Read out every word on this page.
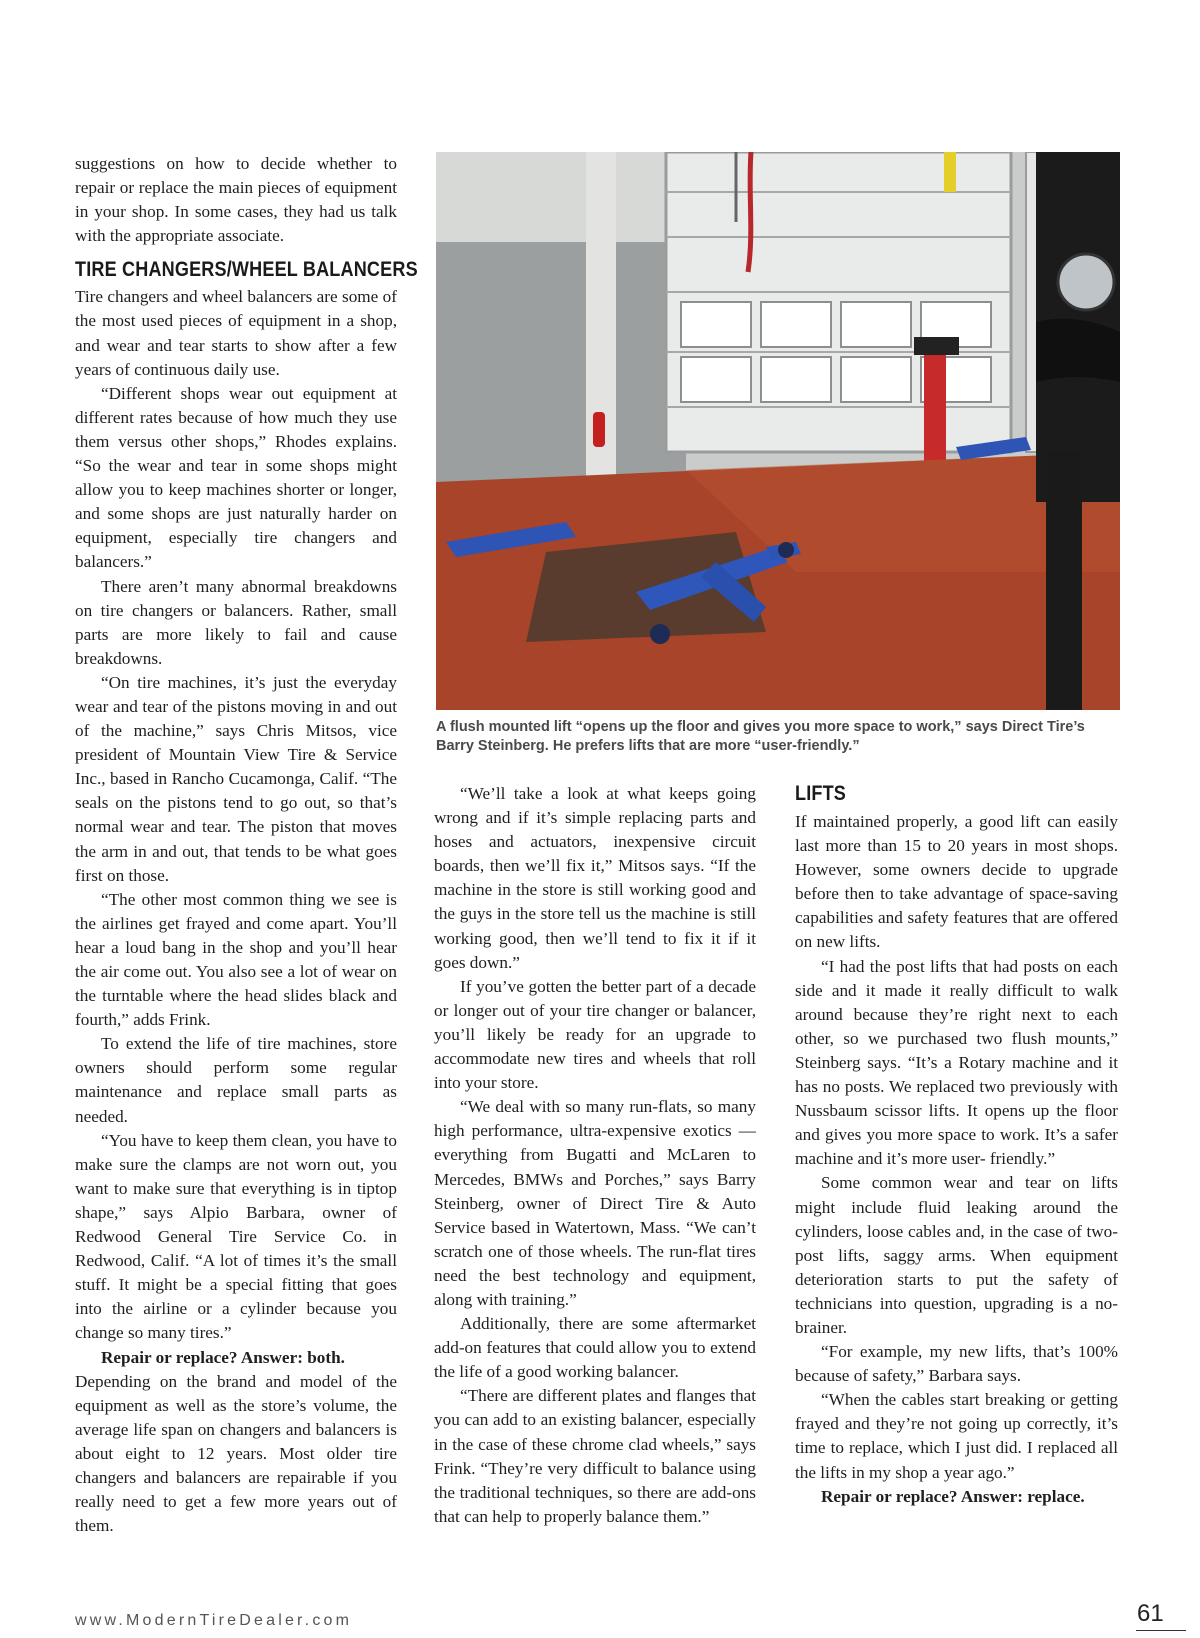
suggestions on how to decide whether to repair or replace the main pieces of equipment in your shop. In some cases, they had us talk with the appropriate associate.

TIRE CHANGERS/WHEEL BALANCERS

Tire changers and wheel balancers are some of the most used pieces of equipment in a shop, and wear and tear starts to show after a few years of continuous daily use.

“Different shops wear out equipment at different rates because of how much they use them versus other shops,” Rhodes explains. “So the wear and tear in some shops might allow you to keep machines shorter or longer, and some shops are just naturally harder on equipment, especially tire changers and balancers.”

There aren’t many abnormal breakdowns on tire changers or balancers. Rather, small parts are more likely to fail and cause breakdowns.

“On tire machines, it’s just the everyday wear and tear of the pistons moving in and out of the machine,” says Chris Mitsos, vice president of Mountain View Tire & Service Inc., based in Rancho Cucamonga, Calif. “The seals on the pistons tend to go out, so that’s normal wear and tear. The piston that moves the arm in and out, that tends to be what goes first on those.

“The other most common thing we see is the airlines get frayed and come apart. You’ll hear a loud bang in the shop and you’ll hear the air come out. You also see a lot of wear on the turntable where the head slides black and fourth,” adds Frink.

To extend the life of tire machines, store owners should perform some regular maintenance and replace small parts as needed.

“You have to keep them clean, you have to make sure the clamps are not worn out, you want to make sure that everything is in tiptop shape,” says Alpio Barbara, owner of Redwood General Tire Service Co. in Redwood, Calif. “A lot of times it’s the small stuff. It might be a special fitting that goes into the airline or a cylinder because you change so many tires.”

Repair or replace? Answer: both.

Depending on the brand and model of the equipment as well as the store’s volume, the average life span on changers and balancers is about eight to 12 years. Most older tire changers and balancers are repairable if you really need to get a few more years out of them.

A flush mounted lift “opens up the floor and gives you more space to work,” says Direct Tire’s Barry Steinberg. He prefers lifts that are more “user-friendly.”

“We’ll take a look at what keeps going wrong and if it’s simple replacing parts and hoses and actuators, inexpensive circuit boards, then we’ll fix it,” Mitsos says. “If the machine in the store is still working good and the guys in the store tell us the machine is still working good, then we’ll tend to fix it if it goes down.”

If you’ve gotten the better part of a decade or longer out of your tire changer or balancer, you’ll likely be ready for an upgrade to accommodate new tires and wheels that roll into your store.

“We deal with so many run-flats, so many high performance, ultra-expensive exotics — everything from Bugatti and McLaren to Mercedes, BMWs and Porches,” says Barry Steinberg, owner of Direct Tire & Auto Service based in Watertown, Mass. “We can’t scratch one of those wheels. The run-flat tires need the best technology and equipment, along with training.”

Additionally, there are some aftermarket add-on features that could allow you to extend the life of a good working balancer.

“There are different plates and flanges that you can add to an existing balancer, especially in the case of these chrome clad wheels,” says Frink. “They’re very difficult to balance using the traditional techniques, so there are add-ons that can help to properly balance them.”

LIFTS

If maintained properly, a good lift can easily last more than 15 to 20 years in most shops. However, some owners decide to upgrade before then to take advantage of space-saving capabilities and safety features that are offered on new lifts.

“I had the post lifts that had posts on each side and it made it really difficult to walk around because they’re right next to each other, so we purchased two flush mounts,” Steinberg says. “It’s a Rotary machine and it has no posts. We replaced two previously with Nussbaum scissor lifts. It opens up the floor and gives you more space to work. It’s a safer machine and it’s more user- friendly.”

Some common wear and tear on lifts might include fluid leaking around the cylinders, loose cables and, in the case of two-post lifts, saggy arms. When equipment deterioration starts to put the safety of technicians into question, upgrading is a no-brainer.

“For example, my new lifts, that’s 100% because of safety,” Barbara says.

“When the cables start breaking or getting frayed and they’re not going up correctly, it’s time to replace, which I just did. I replaced all the lifts in my shop a year ago.”

Repair or replace? Answer: replace.

www.ModernTireDealer.com	61
